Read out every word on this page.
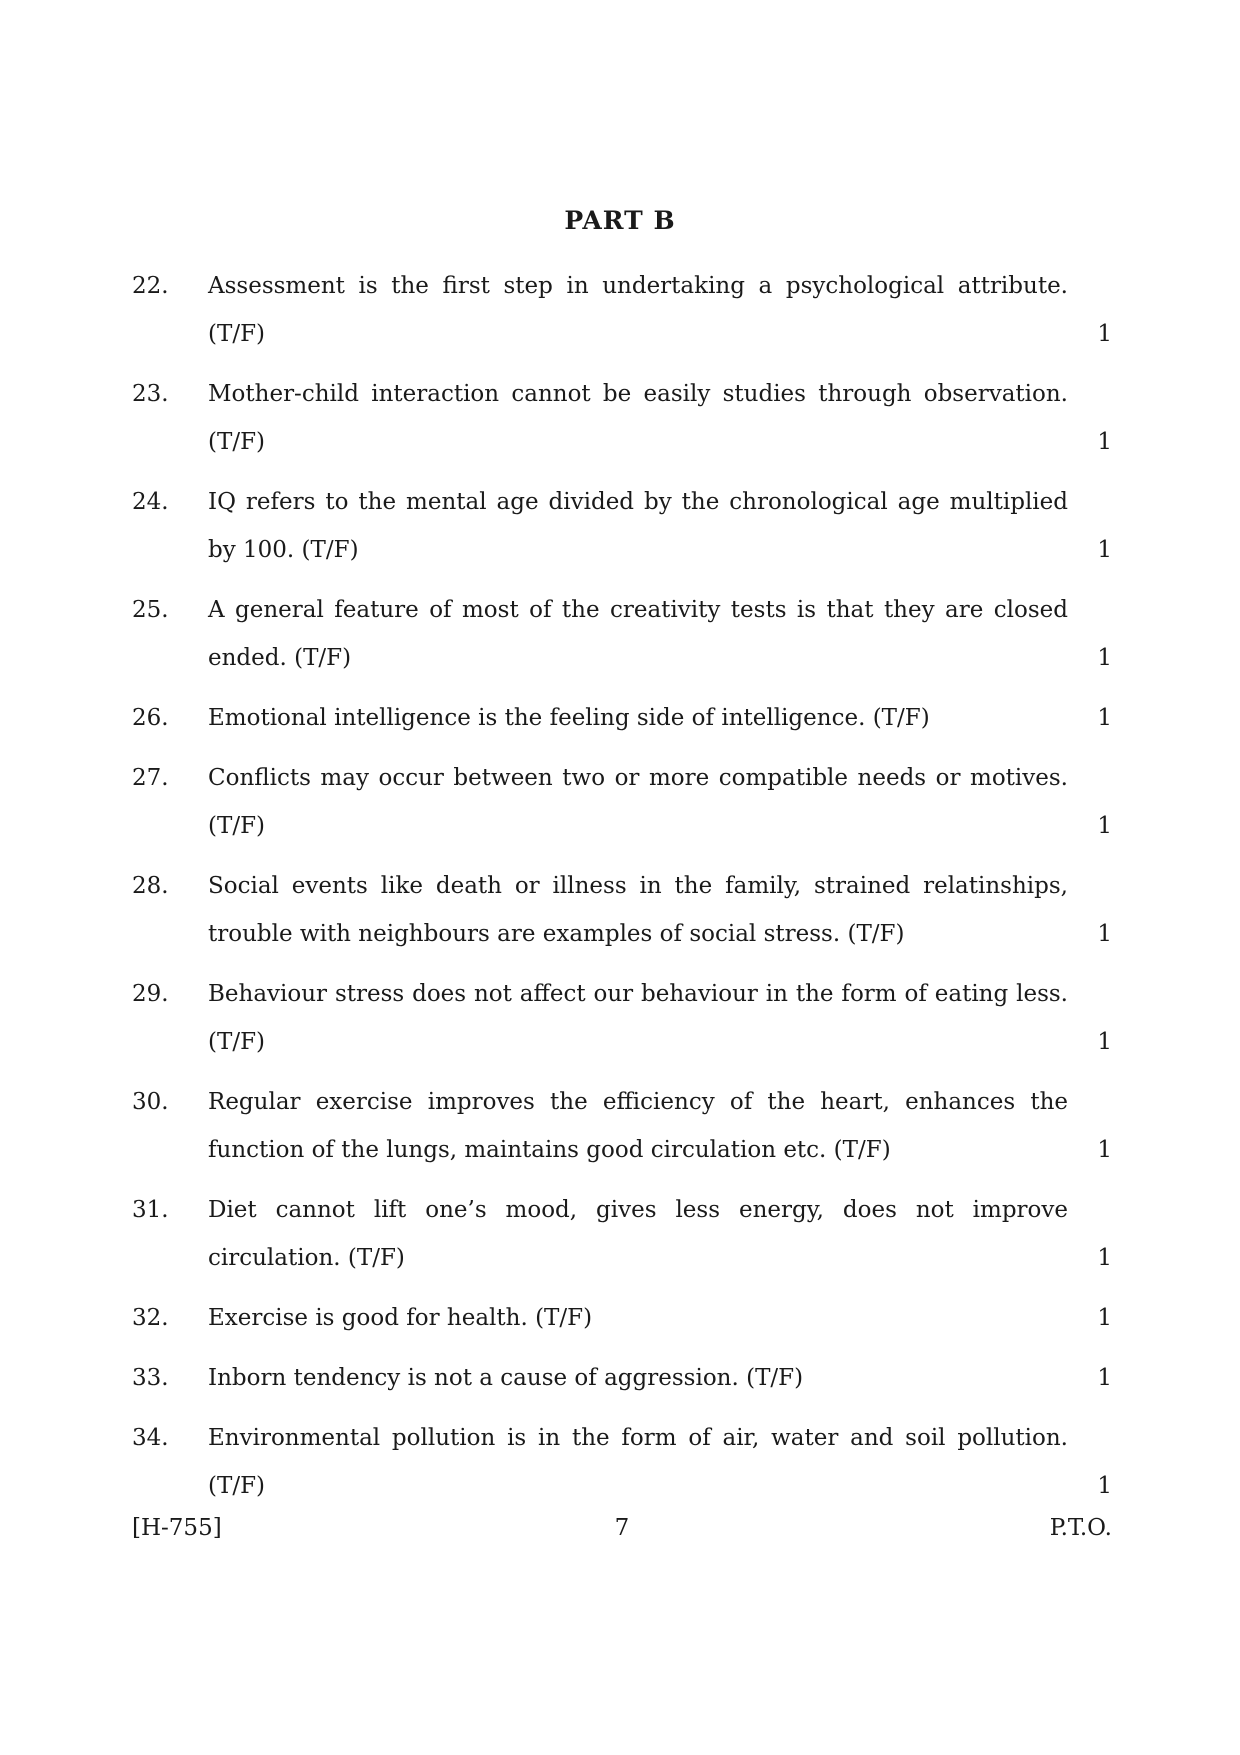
PART B
22. Assessment is the first step in undertaking a psychological attribute. (T/F)	1
23. Mother-child interaction cannot be easily studies through observation. (T/F)	1
24. IQ refers to the mental age divided by the chronological age multiplied by 100. (T/F)	1
25. A general feature of most of the creativity tests is that they are closed ended. (T/F)	1
26. Emotional intelligence is the feeling side of intelligence. (T/F)	1
27. Conflicts may occur between two or more compatible needs or motives. (T/F)	1
28. Social events like death or illness in the family, strained relatinships, trouble with neighbours are examples of social stress. (T/F)	1
29. Behaviour stress does not affect our behaviour in the form of eating less. (T/F)	1
30. Regular exercise improves the efficiency of the heart, enhances the function of the lungs, maintains good circulation etc. (T/F)	1
31. Diet cannot lift one’s mood, gives less energy, does not improve circulation. (T/F)	1
32. Exercise is good for health. (T/F)	1
33. Inborn tendency is not a cause of aggression. (T/F)	1
34. Environmental pollution is in the form of air, water and soil pollution. (T/F)	1
[H-755]	7	P.T.O.
